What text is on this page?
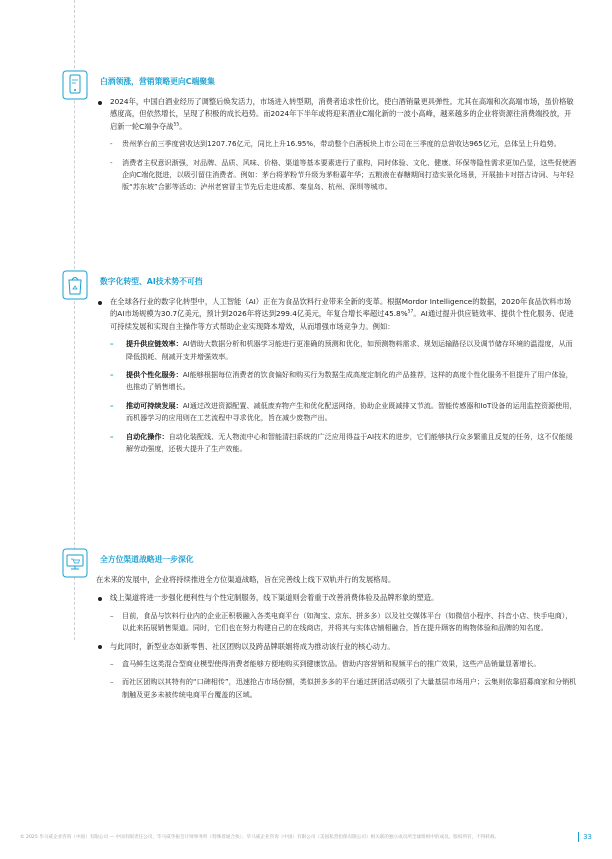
白酒领涨，营销策略更向C端聚集
2024年，中国白酒业经历了调整后焕发活力，市场进入转型期，消费者追求性价比，使白酒销量更具弹性。尤其在高端和次高端市场，虽价格敏感度高，但依然增长，呈现了积极的成长趋势。而2024年下半年或将迎来酒业C端化新的一波小高峰，越来越多的企业将资源往消费端投放，开启新一轮C端争夺战$^{55}$。
- 贵州茅台前三季度营收达到1207.76亿元，同比上升16.95%，带动整个白酒板块上市公司在三季度的总营收达965亿元，总体呈上升趋势。
- 消费者主权意识渐强，对品牌、品质、风味、价格、渠道等基本要素进行了重构，同时体验、文化、健康、环保等隐性需求更加凸显，这些促使酒企向C端化挺进，以吸引留住消费者。例如：茅台将茅粉节升级为茅粉嘉年华；五粮液在春糖期间打造实景化场景，开展抽卡对搭古诗词、与年轻版“苏东坡”合影等活动；泸州老窖冒主节先后走进成都、秦皇岛、杭州、深圳等城市。
数字化转型、AI技术势不可挡
在全球各行业的数字化转型中，人工智能（AI）正在为食品饮料行业带来全新的变革。根据Mordor Intelligence的数据，2020年食品饮料市场的AI市场规模为30.7亿美元，预计到2026年将达到299.4亿美元，年复合增长率超过45.8%$^{57}$。AI通过提升供应链效率、提供个性化服务、促进可持续发展和实现自主操作等方式帮助企业实现降本增效，从而增强市场竞争力。例如：
– 提升供应链效率：AI借助大数据分析和机器学习能进行更准确的预测和优化，如预测物料需求、规划运输路径以及调节储存环境的温湿度，从而降低损耗、削减开支并增强效率。
– 提供个性化服务：AI能够根据每位消费者的饮食偏好和购买行为数据生成高度定制化的产品推荐，这样的高度个性化服务不但提升了用户体验，也推动了销售增长。
– 推动可持续发展：AI通过改进资源配置、减低废弃物产生和优化配送网络，协助企业既减排又节流。智能传感器和IoT设备的运用监控资源使用，而机器学习的应用则在工艺流程中寻求优化，旨在减少废物产出。
– 自动化操作：自动化装配线、无人物流中心和智能清扫系统的广泛应用得益于AI技术的进步，它们能够执行众多繁重且反复的任务，这不仅能缓解劳动强度，还极大提升了生产效能。
全方位渠道战略进一步深化
在未来的发展中，企业将持续推进全方位渠道战略，旨在完善线上线下双轨并行的发展格局。
线上渠道将进一步强化便利性与个性定制服务，线下渠道则会着重于改善消费体验及品牌形象的塑造。
– 目前，食品与饮料行业内的企业正积极融入各类电商平台（如淘宝、京东、拼多多）以及社交媒体平台（如微信小程序、抖音小店、快手电商），以此来拓展销售渠道。同时，它们也在努力构建自己的在线商店，并将其与实体店铺相融合，旨在提升顾客的购物体验和品牌的知名度。
与此同时，新型业态如新零售、社区团购以及跨品牌联姻将成为推动该行业的核心动力。
– 盒马鲜生这类混合型商业模型使得消费者能够方便地购买到健康饮品。借助内容营销和视频平台的推广效果，这些产品销量显著增长。
– 而社区团购以其特有的“口碑相传”，迅速抢占市场份额，类似拼多多的平台通过拼团活动吸引了大量基层市场用户；云集则依靠招募商家和分销机制触及更多未被传统电商平台覆盖的区域。
© 2025 毕马威企业咨询（中国）有限公司 — 中国有限责任公司，毕马威华振会计师事务所（特殊普通合伙）、毕马威企业咨询（中国）有限公司（美国私营担保有限公司）相关联的独立成员所全球组织中的成员。版权所有，不得转载。	33
